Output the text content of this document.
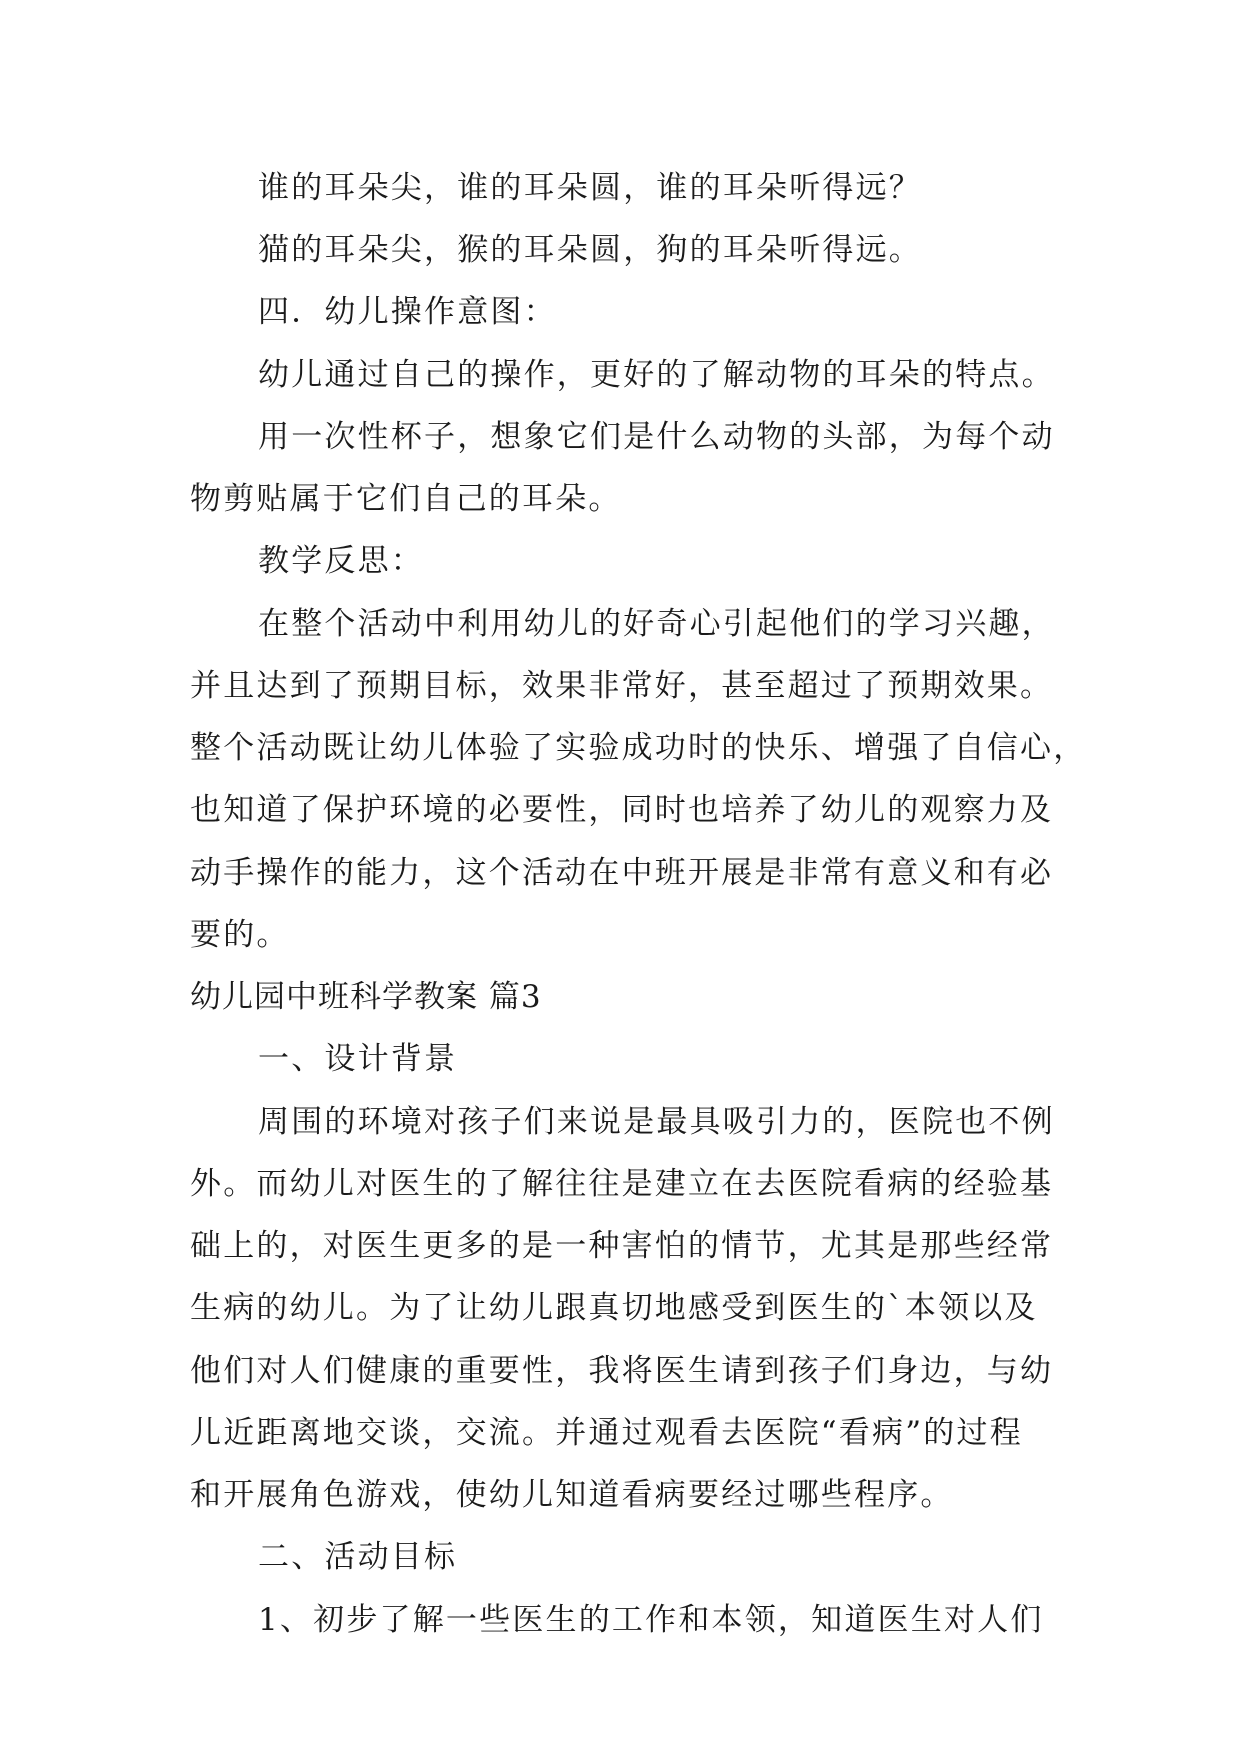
谁的耳朵尖，谁的耳朵圆，谁的耳朵听得远？
猫的耳朵尖，猴的耳朵圆，狗的耳朵听得远。
四．幼儿操作意图：
幼儿通过自己的操作，更好的了解动物的耳朵的特点。
用一次性杯子，想象它们是什么动物的头部，为每个动
物剪贴属于它们自己的耳朵。
教学反思：
在整个活动中利用幼儿的好奇心引起他们的学习兴趣，
并且达到了预期目标，效果非常好，甚至超过了预期效果。
整个活动既让幼儿体验了实验成功时的快乐、增强了自信心，
也知道了保护环境的必要性，同时也培养了幼儿的观察力及
动手操作的能力，这个活动在中班开展是非常有意义和有必
要的。
幼儿园中班科学教案 篇3
一、设计背景
周围的环境对孩子们来说是最具吸引力的，医院也不例
外。而幼儿对医生的了解往往是建立在去医院看病的经验基
础上的，对医生更多的是一种害怕的情节，尤其是那些经常
生病的幼儿。为了让幼儿跟真切地感受到医生的`本领以及
他们对人们健康的重要性，我将医生请到孩子们身边，与幼
儿近距离地交谈，交流。并通过观看去医院“看病”的过程
和开展角色游戏，使幼儿知道看病要经过哪些程序。
二、活动目标
1、初步了解一些医生的工作和本领，知道医生对人们
